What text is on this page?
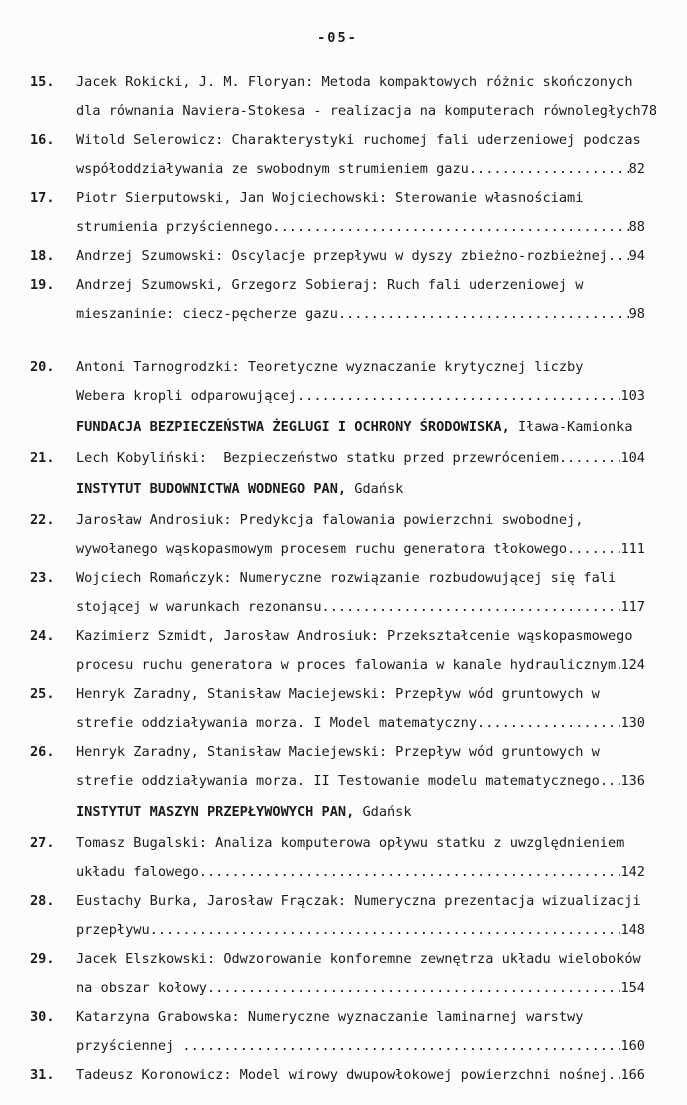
-05-
15.	Jacek Rokicki, J. M. Floryan: Metoda kompaktowych różnic skończonych
dla równania Naviera-Stokesa - realizacja na komputerach równoległych 78
16.	Witold Selerowicz: Charakterystyki ruchomej fali uderzeniowej podczas
współoddziaływania ze swobodnym strumieniem gazu .....	82
17.	Piotr Sierputowski, Jan Wojciechowski: Sterowanie własnościami
strumienia przyściennego .....	88
18.	Andrzej Szumowski: Oscylacje przepływu w dyszy zbieżno-rozbieżnej ..... 94
19.	Andrzej Szumowski, Grzegorz Sobieraj: Ruch fali uderzeniowej w
mieszaninie: ciecz-pęcherze gazu .....	98
20.	Antoni Tarnogrodzki: Teoretyczne wyznaczanie krytycznej liczby
Webera kropli odparowującej .....	103
FUNDACJA BEZPIECZEŃSTWA ŻEGLUGI I OCHRONY ŚRODOWISKA, Iława-Kamionka
21.	Lech Kobyliński:  Bezpieczeństwo statku przed przewróceniem .....	104
INSTYTUT BUDOWNICTWA WODNEGO PAN, Gdańsk
22.	Jarosław Androsiuk: Predykcja falowania powierzchni swobodnej,
wywołanego wąskopasmowym procesem ruchu generatora tłokowego .....	111
23.	Wojciech Romańczyk: Numeryczne rozwiązanie rozbudowującej się fali
stojącej w warunkach rezonansu .....	117
24.	Kazimierz Szmidt, Jarosław Androsiuk: Przekształcenie wąskopasmowego
procesu ruchu generatora w proces falowania w kanale hydraulicznym ..... 124
25.	Henryk Zaradny, Stanisław Maciejewski: Przepływ wód gruntowych w
strefie oddziaływania morza. I Model matematyczny .....	130
26.	Henryk Zaradny, Stanisław Maciejewski: Przepływ wód gruntowych w
strefie oddziaływania morza. II Testowanie modelu matematycznego ..... 136
INSTYTUT MASZYN PRZEPŁYWOWYCH PAN, Gdańsk
27.	Tomasz Bugalski: Analiza komputerowa opływu statku z uwzględnieniem
układu falowego .....	142
28.	Eustachy Burka, Jarosław Frączak: Numeryczna prezentacja wizualizacji
przepływu .....	148
29.	Jacek Elszkowski: Odwzorowanie konforemne zewnętrza układu wieloboków
na obszar kołowy .....	154
30.	Katarzyna Grabowska: Numeryczne wyznaczanie laminarnej warstwy
przyściennej .....	160
31.	Tadeusz Koronowicz: Model wirowy dwupowłokowej powierzchni nośnej ..... 166
